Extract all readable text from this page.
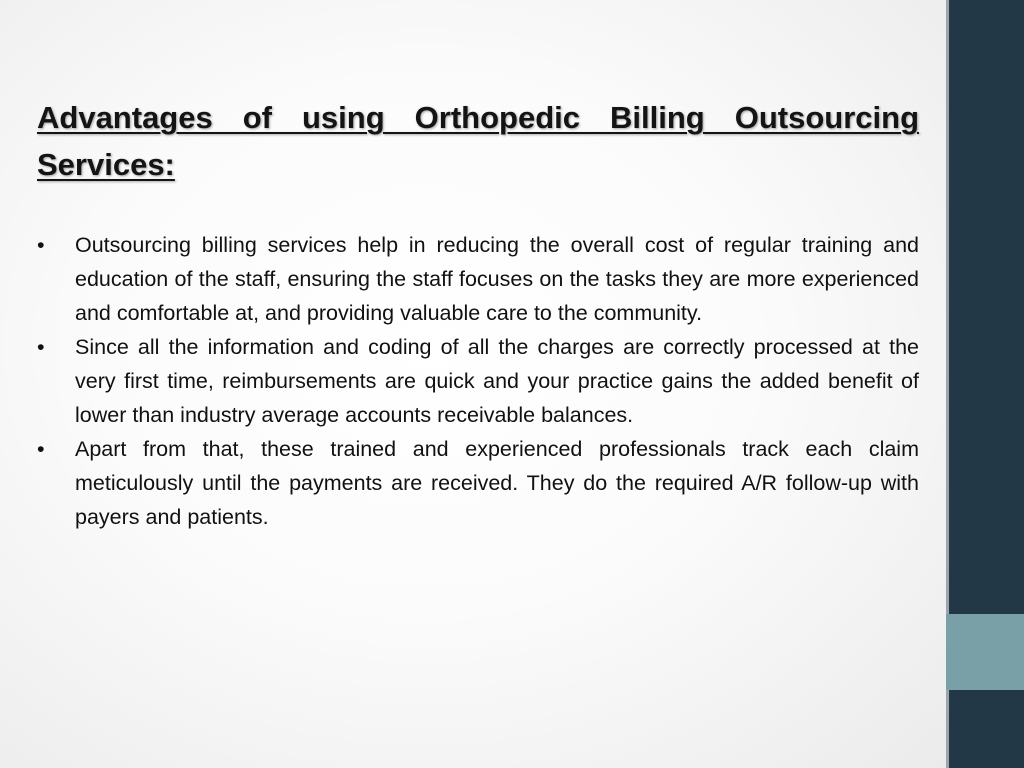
Advantages of using Orthopedic Billing Outsourcing Services:
•	Outsourcing billing services help in reducing the overall cost of regular training and education of the staff, ensuring the staff focuses on the tasks they are more experienced and comfortable at, and providing valuable care to the community.
•	Since all the information and coding of all the charges are correctly processed at the very first time, reimbursements are quick and your practice gains the added benefit of lower than industry average accounts receivable balances.
•	Apart from that, these trained and experienced professionals track each claim meticulously until the payments are received. They do the required A/R follow-up with payers and patients.
